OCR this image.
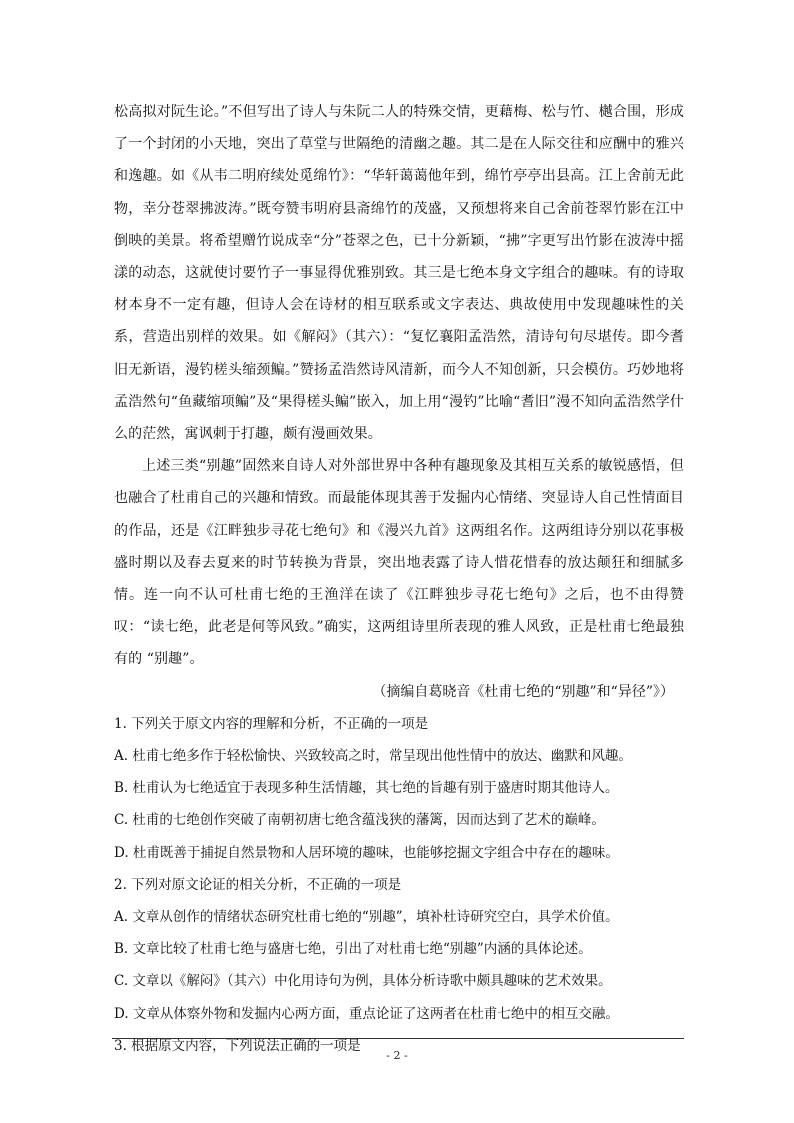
松高拟对阮生论。”不但写出了诗人与朱阮二人的特殊交情，更藉梅、松与竹、樾合围，形成了一个封闭的小天地，突出了草堂与世隔绝的清幽之趣。其二是在人际交往和应酬中的雅兴和逸趣。如《从韦二明府续处觅绵竹》：“华轩蔼蔼他年到，绵竹亭亭出县高。江上舍前无此物，幸分苍翠拂波涛。”既夸赞韦明府县斋绵竹的茂盛，又预想将来自己舍前苍翠竹影在江中倒映的美景。将希望赠竹说成幸“分”苍翠之色，已十分新颖，“拂”字更写出竹影在波涛中摇漾的动态，这就使讨要竹子一事显得优雅别致。其三是七绝本身文字组合的趣味。有的诗取材本身不一定有趣，但诗人会在诗材的相互联系或文字表达、典故使用中发现趣味性的关系，营造出别样的效果。如《解闷》（其六）：“复忆襄阳孟浩然，清诗句句尽堪传。即今耆旧无新语，漫钓槎头缩颈鳊。”赞扬孟浩然诗风清新，而今人不知创新，只会模仿。巧妙地将孟浩然句“鱼藏缩项鳊”及“果得槎头鳊”嵌入，加上用“漫钓”比喻“耆旧”漫不知向孟浩然学什么的茫然，寓讽刺于打趣，颇有漫画效果。

上述三类“别趣”固然来自诗人对外部世界中各种有趣现象及其相互关系的敏锐感悟，但也融合了杜甫自己的兴趣和情致。而最能体现其善于发掘内心情绪、突显诗人自己性情面目的作品，还是《江畔独步寻花七绝句》和《漫兴九首》这两组名作。这两组诗分别以花事极盛时期以及春去夏来的时节转换为背景，突出地表露了诗人惜花惜春的放达颠狂和细腻多情。连一向不认可杜甫七绝的王渔洋在读了《江畔独步寻花七绝句》之后，也不由得赞叹：“读七绝，此老是何等风致。”确实，这两组诗里所表现的雅人风致，正是杜甫七绝最独有的 “别趣”。

（摘编自葛晓音《杜甫七绝的“别趣”和“异径”》）

1. 下列关于原文内容的理解和分析，不正确的一项是

A. 杜甫七绝多作于轻松愉快、兴致较高之时，常呈现出他性情中的放达、幽默和风趣。

B. 杜甫认为七绝适宜于表现多种生活情趣，其七绝的旨趣有别于盛唐时期其他诗人。

C. 杜甫的七绝创作突破了南朝初唐七绝含蕴浅狭的藩篱，因而达到了艺术的巅峰。

D. 杜甫既善于捕捉自然景物和人居环境的趣味，也能够挖掘文字组合中存在的趣味。

2. 下列对原文论证的相关分析，不正确的一项是

A. 文章从创作的情绪状态研究杜甫七绝的“别趣”，填补杜诗研究空白，具学术价值。

B. 文章比较了杜甫七绝与盛唐七绝，引出了对杜甫七绝“别趣”内涵的具体论述。

C. 文章以《解闷》（其六）中化用诗句为例，具体分析诗歌中颇具趣味的艺术效果。

D. 文章从体察外物和发掘内心两方面，重点论证了这两者在杜甫七绝中的相互交融。

3. 根据原文内容，下列说法正确的一项是

- 2 -
